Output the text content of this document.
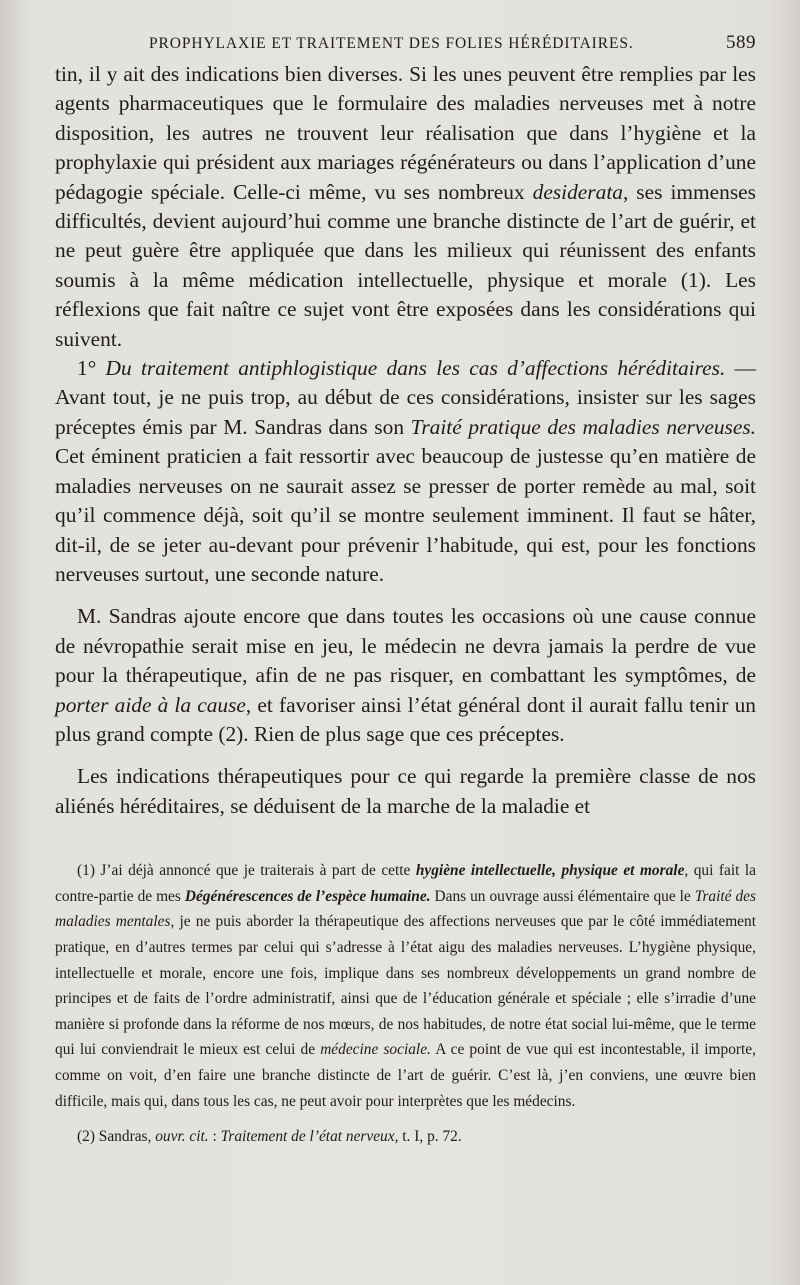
PROPHYLAXIE ET TRAITEMENT DES FOLIES HÉRÉDITAIRES.	589

tin, il y ait des indications bien diverses. Si les unes peuvent être remplies par les agents pharmaceutiques que le formulaire des maladies nerveuses met à notre disposition, les autres ne trouvent leur réalisation que dans l’hygiène et la prophylaxie qui président aux mariages régénérateurs ou dans l’application d’une pédagogie spéciale. Celle-ci même, vu ses nombreux desiderata, ses immenses difficultés, devient aujourd’hui comme une branche distincte de l’art de guérir, et ne peut guère être appliquée que dans les milieux qui réunissent des enfants soumis à la même médication intellectuelle, physique et morale (1). Les réflexions que fait naître ce sujet vont être exposées dans les considérations qui suivent.

1° Du traitement antiphlogistique dans les cas d’affections héréditaires. — Avant tout, je ne puis trop, au début de ces considérations, insister sur les sages préceptes émis par M. Sandras dans son Traité pratique des maladies nerveuses. Cet éminent praticien a fait ressortir avec beaucoup de justesse qu’en matière de maladies nerveuses on ne saurait assez se presser de porter remède au mal, soit qu’il commence déjà, soit qu’il se montre seulement imminent. Il faut se hâter, dit-il, de se jeter au-devant pour prévenir l’habitude, qui est, pour les fonctions nerveuses surtout, une seconde nature.

M. Sandras ajoute encore que dans toutes les occasions où une cause connue de névropathie serait mise en jeu, le médecin ne devra jamais la perdre de vue pour la thérapeutique, afin de ne pas risquer, en combattant les symptômes, de porter aide à la cause, et favoriser ainsi l’état général dont il aurait fallu tenir un plus grand compte (2). Rien de plus sage que ces préceptes.

Les indications thérapeutiques pour ce qui regarde la première classe de nos aliénés héréditaires, se déduisent de la marche de la maladie et

(1) J’ai déjà annoncé que je traiterais à part de cette hygiène intellectuelle, physique et morale, qui fait la contre-partie de mes Dégénérescences de l’espèce humaine. Dans un ouvrage aussi élémentaire que le Traité des maladies mentales, je ne puis aborder la thérapeutique des affections nerveuses que par le côté immédiatement pratique, en d’autres termes par celui qui s’adresse à l’état aigu des maladies nerveuses. L’hygiène physique, intellectuelle et morale, encore une fois, implique dans ses nombreux développements un grand nombre de principes et de faits de l’ordre administratif, ainsi que de l’éducation générale et spéciale ; elle s’irradie d’une manière si profonde dans la réforme de nos mœurs, de nos habitudes, de notre état social lui-même, que le terme qui lui conviendrait le mieux est celui de médecine sociale. A ce point de vue qui est incontestable, il importe, comme on voit, d’en faire une branche distincte de l’art de guérir. C’est là, j’en conviens, une œuvre bien difficile, mais qui, dans tous les cas, ne peut avoir pour interprètes que les médecins.

(2) Sandras, ouvr. cit. : Traitement de l’état nerveux, t. I, p. 72.
